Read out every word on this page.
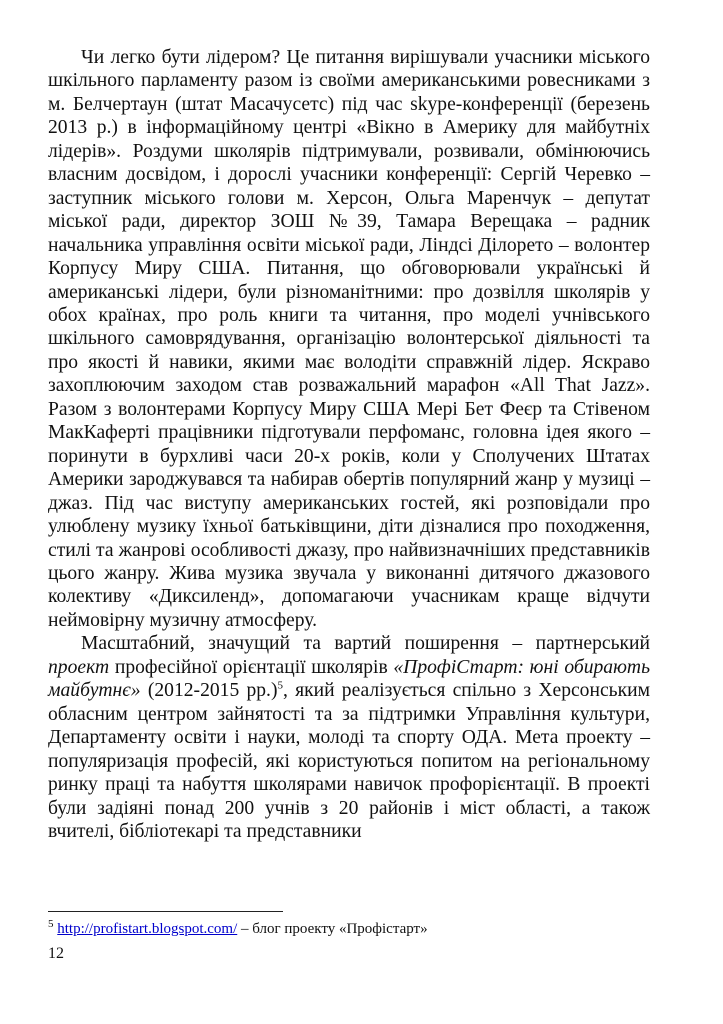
Чи легко бути лідером? Це питання вирішували учасники міського шкільного парламенту разом із своїми американськими ровесниками з м. Белчертаун (штат Масачусетс) під час skype-конференції (березень 2013 р.) в інформаційному центрі «Вікно в Америку для майбутніх лідерів». Роздуми школярів підтримували, розвивали, обмінюючись власним досвідом, і дорослі учасники конференції: Сергій Черевко – заступник міського голови м. Херсон, Ольга Маренчук – депутат міської ради, директор ЗОШ №39, Тамара Верещака – радник начальника управління освіти міської ради, Ліндсі Ділорето – волонтер Корпусу Миру США. Питання, що обговорювали українські й американські лідери, були різноманітними: про дозвілля школярів у обох країнах, про роль книги та читання, про моделі учнівського шкільного самоврядування, організацію волонтерської діяльності та про якості й навики, якими має володіти справжній лідер. Яскраво захоплюючим заходом став розважальний марафон «All That Jazz». Разом з волонтерами Корпусу Миру США Мері Бет Феєр та Стівеном МакКаферті працівники підготували перфоманс, головна ідея якого – поринути в бурхливі часи 20-х років, коли у Сполучених Штатах Америки зароджувався та набирав обертів популярний жанр у музиці – джаз. Під час виступу американських гостей, які розповідали про улюблену музику їхньої батьківщини, діти дізналися про походження, стилі та жанрові особливості джазу, про найвизначніших представників цього жанру. Жива музика звучала у виконанні дитячого джазового колективу «Диксиленд», допомагаючи учасникам краще відчути неймовірну музичну атмосферу.

Масштабний, значущий та вартий поширення – партнерський проект професійної орієнтації школярів «ПрофіСтарт: юні обирають майбутнє» (2012-2015 рр.)$^5$, який реалізується спільно з Херсонським обласним центром зайнятості та за підтримки Управління культури, Департаменту освіти і науки, молоді та спорту ОДА. Мета проекту – популяризація професій, які користуються попитом на регіональному ринку праці та набуття школярами навичок профорієнтації. В проекті були задіяні понад 200 учнів з 20 районів і міст області, а також вчителі, бібліотекарі та представники

$^5$ http://profistart.blogspot.com/ – блог проекту «Профістарт»
12
